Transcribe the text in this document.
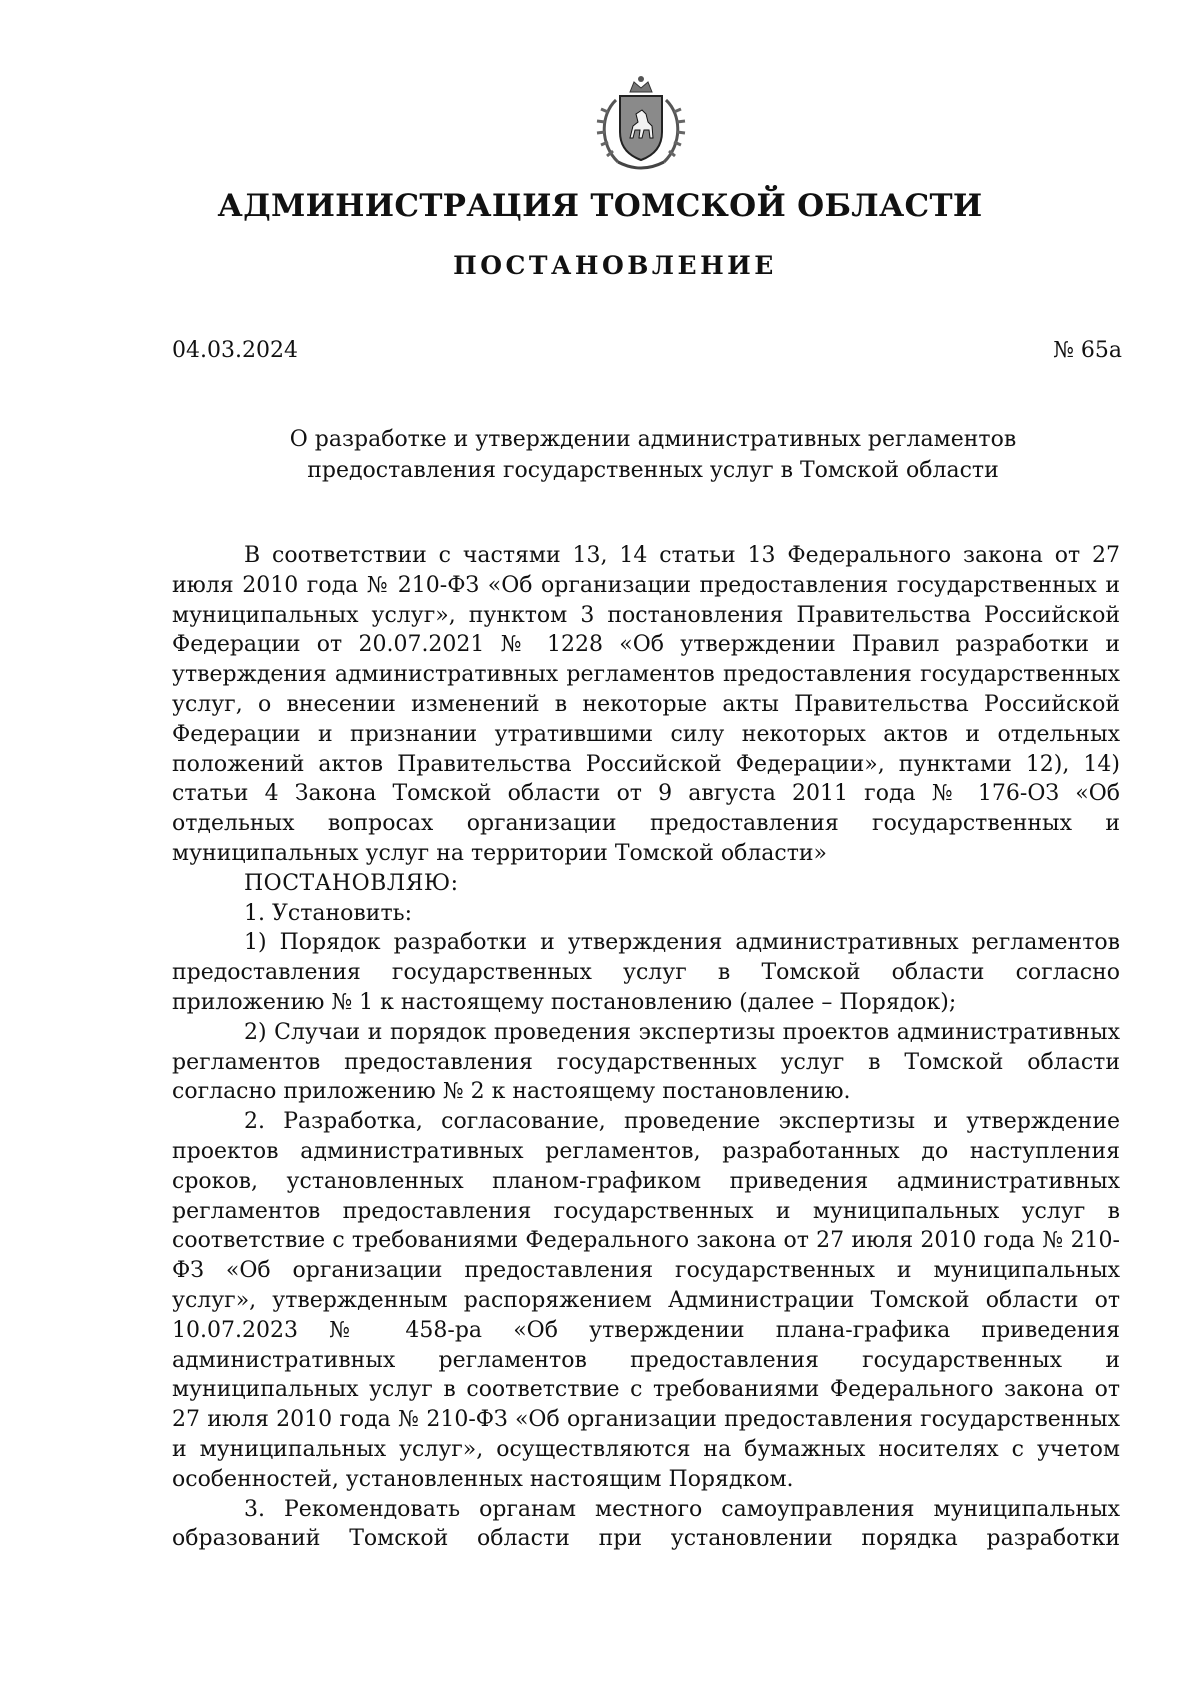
АДМИНИСТРАЦИЯ ТОМСКОЙ ОБЛАСТИ
ПОСТАНОВЛЕНИЕ
04.03.2024	№ 65а
О разработке и утверждении административных регламентов
предоставления государственных услуг в Томской области

В соответствии с частями 13, 14 статьи 13 Федерального закона от 27 июля 2010 года № 210-ФЗ «Об организации предоставления государственных и муниципальных услуг», пунктом 3 постановления Правительства Российской Федерации от 20.07.2021 № 1228 «Об утверждении Правил разработки и утверждения административных регламентов предоставления государственных услуг, о внесении изменений в некоторые акты Правительства Российской Федерации и признании утратившими силу некоторых актов и отдельных положений актов Правительства Российской Федерации», пунктами 12), 14) статьи 4 Закона Томской области от 9 августа 2011 года № 176-ОЗ «Об отдельных вопросах организации предоставления государственных и муниципальных услуг на территории Томской области»

ПОСТАНОВЛЯЮ:

1. Установить:

1) Порядок разработки и утверждения административных регламентов предоставления государственных услуг в Томской области согласно приложению № 1 к настоящему постановлению (далее – Порядок);

2) Случаи и порядок проведения экспертизы проектов административных регламентов предоставления государственных услуг в Томской области согласно приложению № 2 к настоящему постановлению.

2. Разработка, согласование, проведение экспертизы и утверждение проектов административных регламентов, разработанных до наступления сроков, установленных планом-графиком приведения административных регламентов предоставления государственных и муниципальных услуг в соответствие с требованиями Федерального закона от 27 июля 2010 года № 210-ФЗ «Об организации предоставления государственных и муниципальных услуг», утвержденным распоряжением Администрации Томской области от 10.07.2023 № 458-ра «Об утверждении плана-графика приведения административных регламентов предоставления государственных и муниципальных услуг в соответствие с требованиями Федерального закона от 27 июля 2010 года № 210-ФЗ «Об организации предоставления государственных и муниципальных услуг», осуществляются на бумажных носителях с учетом особенностей, установленных настоящим Порядком.

3. Рекомендовать органам местного самоуправления муниципальных образований Томской области при установлении порядка разработки
